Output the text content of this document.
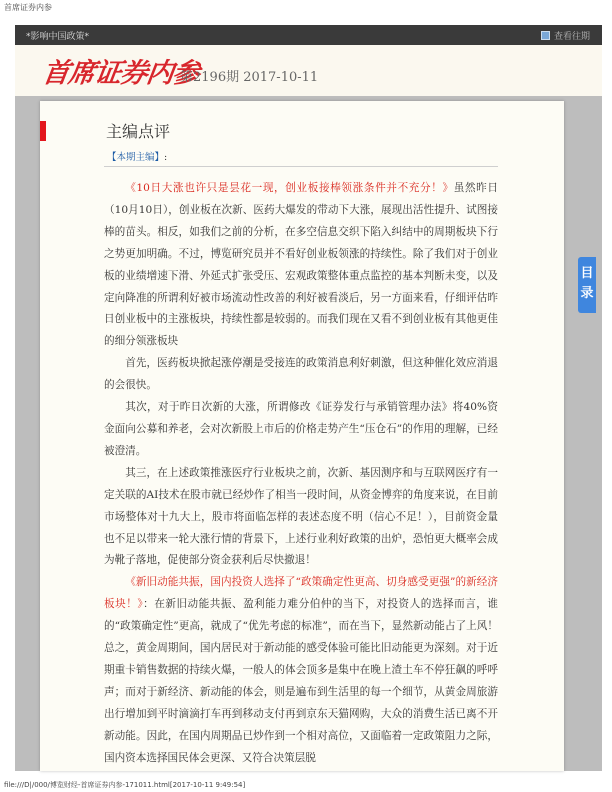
首席证券内参
*影响中国政策*	查看往期
首席证券内参
第2196期 2017-10-11
主编点评
【本期主编】:

《10日大涨也许只是昙花一现，创业板接棒领涨条件并不充分！》虽然昨日（10月10日），创业板在次新、医药大爆发的带动下大涨，展现出活性提升、试图接棒的苗头。相反，如我们之前的分析，在多空信息交织下陷入纠结中的周期板块下行之势更加明确。不过，博览研究员并不看好创业板领涨的持续性。除了我们对于创业板的业绩增速下滑、外延式扩张受压、宏观政策整体重点监控的基本判断未变，以及定向降准的所谓利好被市场流动性改善的利好被看淡后，另一方面来看，仔细评估昨日创业板中的主涨板块，持续性都是较弱的。而我们现在又看不到创业板有其他更佳的细分领涨板块

首先，医药板块掀起涨停潮是受接连的政策消息利好刺激，但这种催化效应消退的会很快。

其次，对于昨日次新的大涨，所谓修改《证券发行与承销管理办法》将40%资金面向公募和养老，会对次新股上市后的价格走势产生“压仓石”的作用的理解，已经被澄清。

其三，在上述政策推涨医疗行业板块之前，次新、基因测序和与互联网医疗有一定关联的AI技术在股市就已经炒作了相当一段时间，从资金博弈的角度来说，在目前市场整体对十九大上，股市将面临怎样的表述态度不明（信心不足！），目前资金量也不足以带来一轮大涨行情的背景下，上述行业利好政策的出炉，恐怕更大概率会成为靴子落地，促使部分资金获利后尽快撤退！

《新旧动能共振，国内投资人选择了“政策确定性更高、切身感受更强”的新经济板块！》：在新旧动能共振、盈利能力难分伯仲的当下，对投资人的选择而言，谁的“政策确定性”更高，就成了“优先考虑的标准”，而在当下，显然新动能占了上风！总之，黄金周期间，国内居民对于新动能的感受体验可能比旧动能更为深刻。对于近期重卡销售数据的持续火爆，一般人的体会顶多是集中在晚上渣土车不停狂飙的呼呼声；而对于新经济、新动能的体会，则是遍布到生活里的每一个细节，从黄金周旅游出行增加到平时滴滴打车再到移动支付再到京东天猫网购，大众的消费生活已离不开新动能。因此，在国内周期品已炒作到一个相对高位，又面临着一定政策阻力之际，国内资本选择国民体会更深、又符合决策层脱

目录
file:///D|/000/博览财经-首席证券内参-171011.html[2017-10-11 9:49:54]
